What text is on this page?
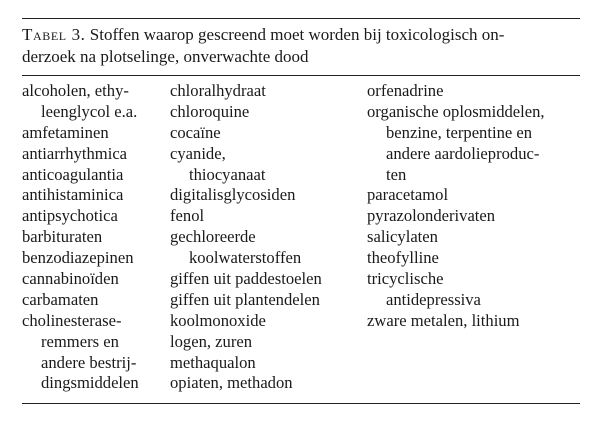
Tabel 3. Stoffen waarop gescreend moet worden bij toxicologisch on-
derzoek na plotselinge, onverwachte dood
alcoholen, ethy-
leenglycol e.a.
amfetaminen
antiarrhythmica
anticoagulantia
antihistaminica
antipsychotica
barbituraten
benzodiazepinen
cannabinoïden
carbamaten
cholinesterase-
remmers en
andere bestrij-
dingsmiddelen
chloralhydraat
chloroquine
cocaïne
cyanide,
thiocyanaat
digitalisglycosiden
fenol
gechloreerde
koolwaterstoffen
giffen uit paddestoelen
giffen uit plantendelen
koolmonoxide
logen, zuren
methaqualon
opiaten, methadon
orfenadrine
organische oplosmiddelen,
benzine, terpentine en
andere aardolieproduc-
ten
paracetamol
pyrazolonderivaten
salicylaten
theofylline
tricyclische
antidepressiva
zware metalen, lithium
